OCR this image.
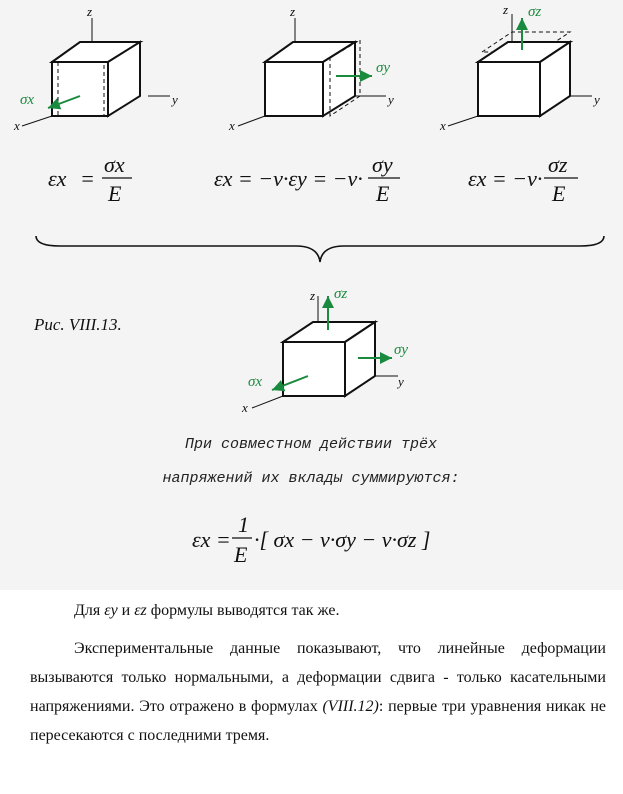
z
y
x
σx
z
y
x
σy
z
y
x
σz
εx =
σx
E
εx = −ν·εy = −ν·
σy
E
εx = −ν·
σz
E
Рис. VIII.13.
z
y
x
σz
σy
σx
При совместном действии трёх
напряжений их вклады суммируются:
εx =
1
E
·[ σx − ν·σy − ν·σz ]

Для εy и εz формулы выводятся так же.

Экспериментальные данные показывают, что линейные деформации вызываются только нормальными, а деформации сдвига - только касательными напряжениями. Это отражено в формулах (VIII.12): первые три уравнения никак не пересекаются с последними тремя.
